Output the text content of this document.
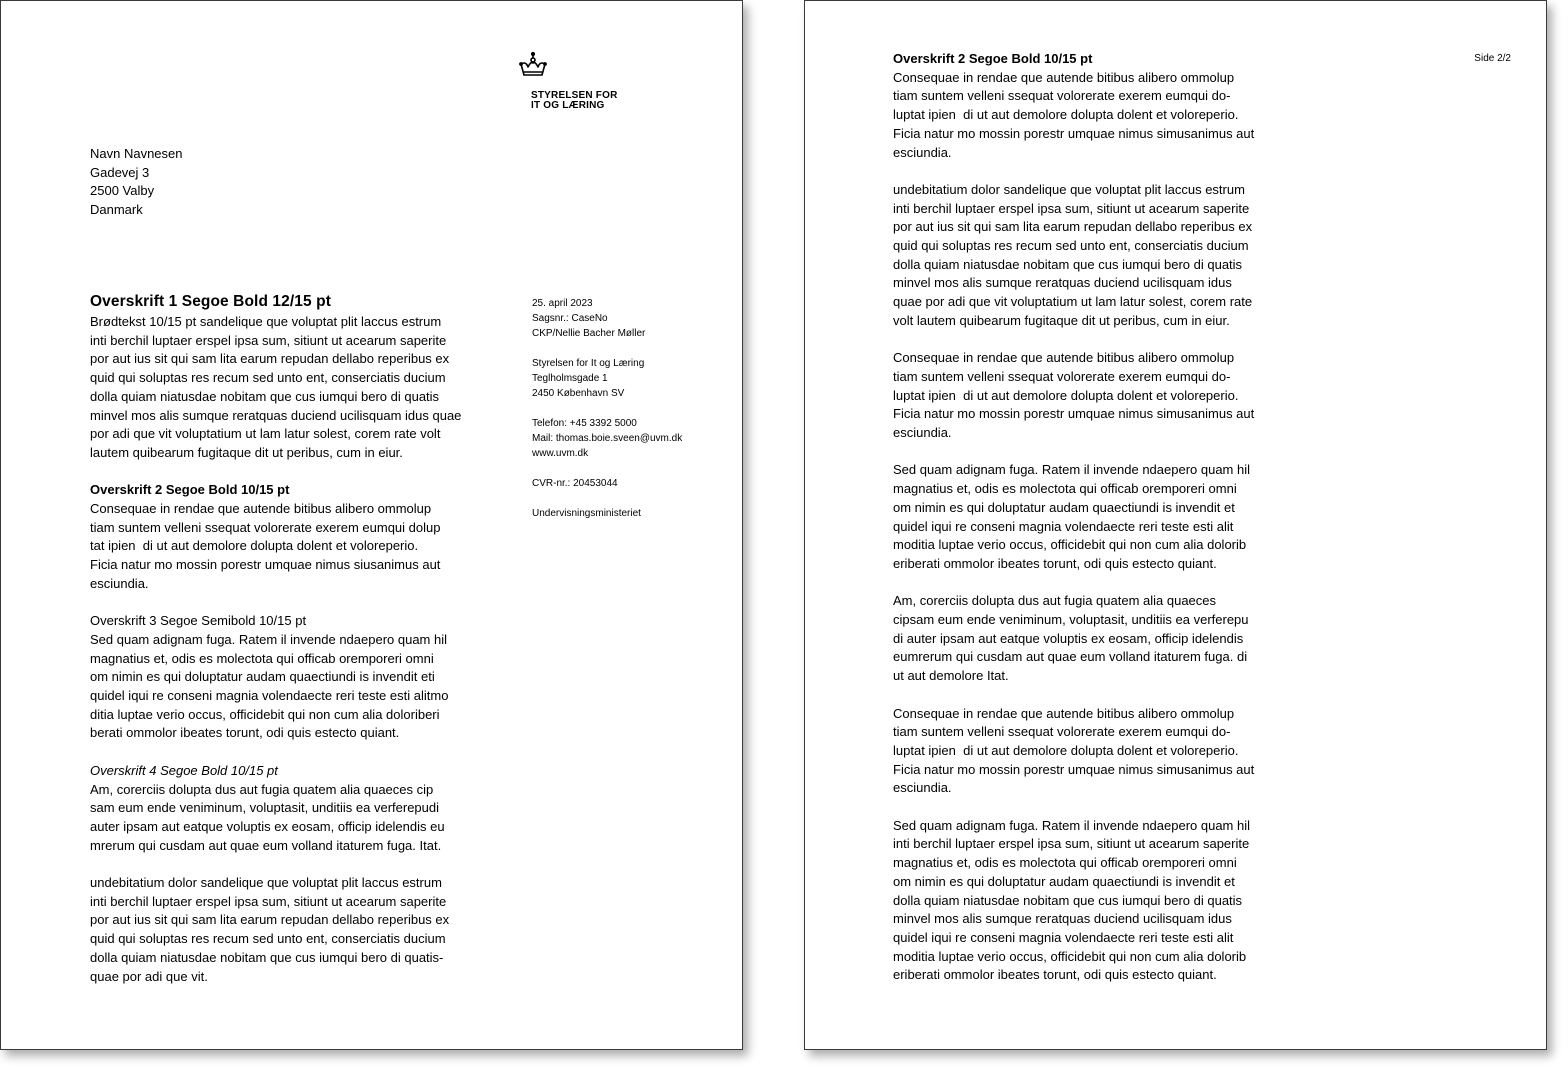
STYRELSEN FOR
IT OG LÆRING
Navn Navnesen
Gadevej 3
2500 Valby
Danmark
25. april 2023
Sagsnr.: CaseNo
CKP/Nellie Bacher Møller
Styrelsen for It og Læring
Teglholmsgade 1
2450 København SV
Telefon: +45 3392 5000
Mail: thomas.boie.sveen@uvm.dk
www.uvm.dk
CVR-nr.: 20453044
Undervisningsministeriet
Overskrift 1 Segoe Bold 12/15 pt
Brødtekst 10/15 pt sandelique que voluptat plit laccus estrum
inti berchil luptaer erspel ipsa sum, sitiunt ut acearum saperite
por aut ius sit qui sam lita earum repudan dellabo reperibus ex
quid qui soluptas res recum sed unto ent, conserciatis ducium
dolla quiam niatusdae nobitam que cus iumqui bero di quatis
minvel mos alis sumque reratquas duciend ucilisquam idus quae
por adi que vit voluptatium ut lam latur solest, corem rate volt
lautem quibearum fugitaque dit ut peribus, cum in eiur.
Overskrift 2 Segoe Bold 10/15 pt
Consequae in rendae que autende bitibus alibero ommolup
tiam suntem velleni ssequat volorerate exerem eumqui dolup
tat ipien  di ut aut demolore dolupta dolent et voloreperio.
Ficia natur mo mossin porestr umquae nimus siusanimus aut
esciundia.
Overskrift 3 Segoe Semibold 10/15 pt
Sed quam adignam fuga. Ratem il invende ndaepero quam hil
magnatius et, odis es molectota qui officab oremporeri omni
om nimin es qui doluptatur audam quaectiundi is invendit eti
quidel iqui re conseni magnia volendaecte reri teste esti alitmo
ditia luptae verio occus, officidebit qui non cum alia doloriberi
berati ommolor ibeates torunt, odi quis estecto quiant.
Overskrift 4 Segoe Bold 10/15 pt
Am, corerciis dolupta dus aut fugia quatem alia quaeces cip
sam eum ende veniminum, voluptasit, unditiis ea verferepudi
auter ipsam aut eatque voluptis ex eosam, officip idelendis eu
mrerum qui cusdam aut quae eum volland itaturem fuga. Itat.
undebitatium dolor sandelique que voluptat plit laccus estrum
inti berchil luptaer erspel ipsa sum, sitiunt ut acearum saperite
por aut ius sit qui sam lita earum repudan dellabo reperibus ex
quid qui soluptas res recum sed unto ent, conserciatis ducium
dolla quiam niatusdae nobitam que cus iumqui bero di quatis-
quae por adi que vit.
Side 2/2
Overskrift 2 Segoe Bold 10/15 pt
Consequae in rendae que autende bitibus alibero ommolup
tiam suntem velleni ssequat volorerate exerem eumqui do-
luptat ipien  di ut aut demolore dolupta dolent et voloreperio.
Ficia natur mo mossin porestr umquae nimus simusanimus aut
esciundia.
undebitatium dolor sandelique que voluptat plit laccus estrum
inti berchil luptaer erspel ipsa sum, sitiunt ut acearum saperite
por aut ius sit qui sam lita earum repudan dellabo reperibus ex
quid qui soluptas res recum sed unto ent, conserciatis ducium
dolla quiam niatusdae nobitam que cus iumqui bero di quatis
minvel mos alis sumque reratquas duciend ucilisquam idus
quae por adi que vit voluptatium ut lam latur solest, corem rate
volt lautem quibearum fugitaque dit ut peribus, cum in eiur.
Consequae in rendae que autende bitibus alibero ommolup
tiam suntem velleni ssequat volorerate exerem eumqui do-
luptat ipien  di ut aut demolore dolupta dolent et voloreperio.
Ficia natur mo mossin porestr umquae nimus simusanimus aut
esciundia.
Sed quam adignam fuga. Ratem il invende ndaepero quam hil
magnatius et, odis es molectota qui officab oremporeri omni
om nimin es qui doluptatur audam quaectiundi is invendit et
quidel iqui re conseni magnia volendaecte reri teste esti alit
moditia luptae verio occus, officidebit qui non cum alia dolorib
eriberati ommolor ibeates torunt, odi quis estecto quiant.
Am, corerciis dolupta dus aut fugia quatem alia quaeces
cipsam eum ende veniminum, voluptasit, unditiis ea verferepu
di auter ipsam aut eatque voluptis ex eosam, officip idelendis
eumrerum qui cusdam aut quae eum volland itaturem fuga. di
ut aut demolore Itat.
Consequae in rendae que autende bitibus alibero ommolup
tiam suntem velleni ssequat volorerate exerem eumqui do-
luptat ipien  di ut aut demolore dolupta dolent et voloreperio.
Ficia natur mo mossin porestr umquae nimus simusanimus aut
esciundia.
Sed quam adignam fuga. Ratem il invende ndaepero quam hil
inti berchil luptaer erspel ipsa sum, sitiunt ut acearum saperite
magnatius et, odis es molectota qui officab oremporeri omni
om nimin es qui doluptatur audam quaectiundi is invendit et
dolla quiam niatusdae nobitam que cus iumqui bero di quatis
minvel mos alis sumque reratquas duciend ucilisquam idus
quidel iqui re conseni magnia volendaecte reri teste esti alit
moditia luptae verio occus, officidebit qui non cum alia dolorib
eriberati ommolor ibeates torunt, odi quis estecto quiant.
